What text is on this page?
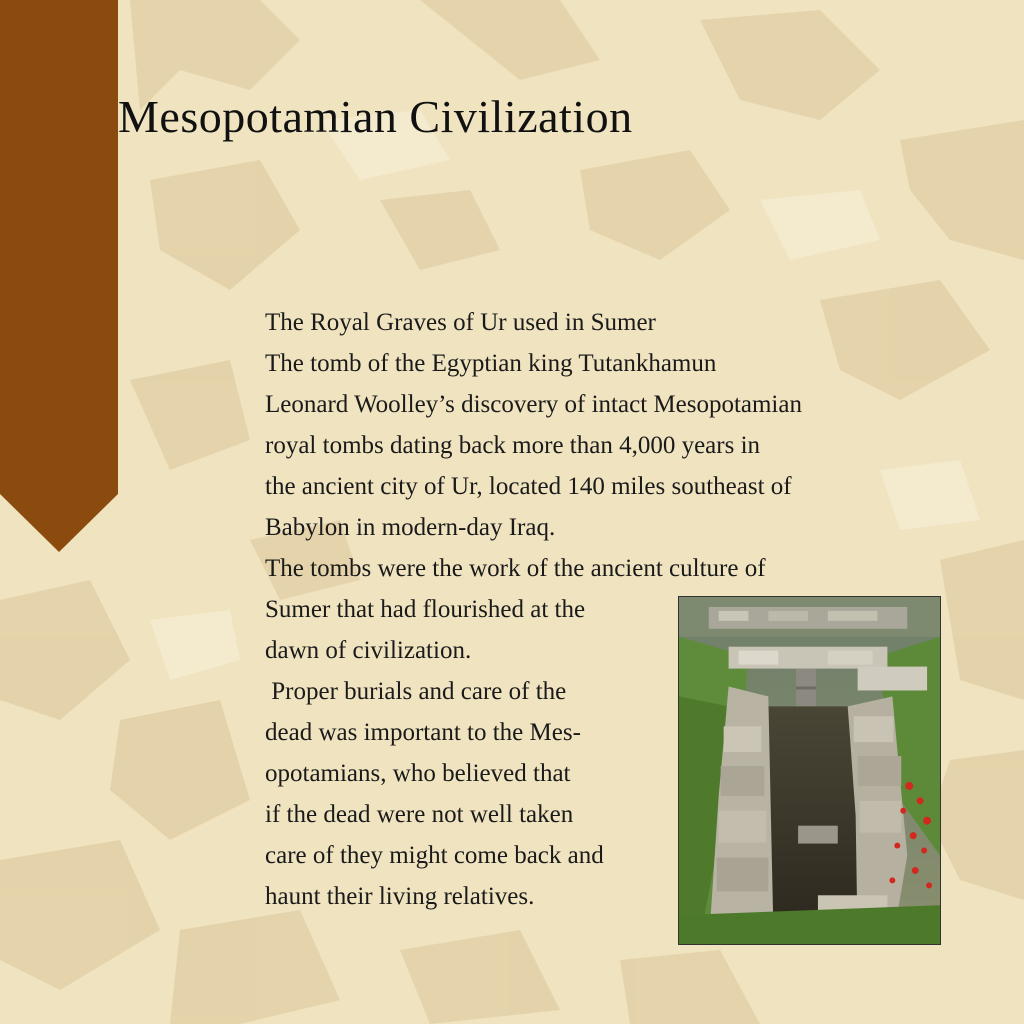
Mesopotamian Civilization
The Royal Graves of Ur used in Sumer
The tomb of the Egyptian king Tutankhamun
Leonard Woolley’s discovery of intact Mesopotamian
royal tombs dating back more than 4,000 years in
the ancient city of Ur, located 140 miles southeast of
Babylon in modern-day Iraq.
The tombs were the work of the ancient culture of
Sumer that had flourished at the
dawn of civilization.
Proper burials and care of the
dead was important to the Mes-
opotamians, who believed that
if the dead were not well taken
care of they might come back and
haunt their living relatives.
